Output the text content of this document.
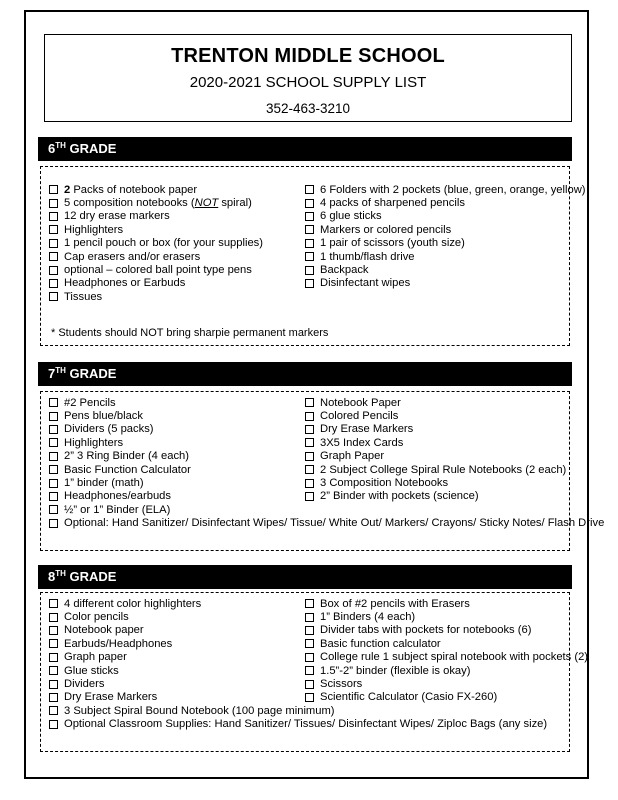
TRENTON MIDDLE SCHOOL
2020-2021 SCHOOL SUPPLY LIST
352-463-3210
6TH GRADE
2
Packs of notebook paper
5 composition notebooks (NOT spiral)
12 dry erase markers
Highlighters
1 pencil pouch or box (for your supplies)
Cap erasers and/or erasers
optional – colored ball point type pens
Headphones or Earbuds
Tissues
6 Folders with 2 pockets (blue, green, orange, yellow)
4 packs of sharpened pencils
6 glue sticks
Markers or colored pencils
1 pair of scissors (youth size)
1 thumb/flash drive
Backpack
Disinfectant wipes
* Students should NOT bring sharpie permanent markers
7TH GRADE
#2 Pencils
Pens blue/black
Dividers (5 packs)
Highlighters
2” 3 Ring Binder (4 each)
Basic Function Calculator
1” binder (math)
Headphones/earbuds
½” or 1” Binder (ELA)
Optional: Hand Sanitizer/ Disinfectant Wipes/ Tissue/ White Out/ Markers/ Crayons/ Sticky Notes/ Flash Drive
Notebook Paper
Colored Pencils
Dry Erase Markers
3X5 Index Cards
Graph Paper
2 Subject College Spiral Rule Notebooks (2 each)
3 Composition Notebooks
2” Binder with pockets (science)
8TH GRADE
4 different color highlighters
Color pencils
Notebook paper
Earbuds/Headphones
Graph paper
Glue sticks
Dividers
Dry Erase Markers
3 Subject Spiral Bound Notebook (100 page minimum)
Optional Classroom Supplies: Hand Sanitizer/ Tissues/ Disinfectant Wipes/ Ziploc Bags (any size)
Box of #2 pencils with Erasers
1” Binders (4 each)
Divider tabs with pockets for notebooks (6)
Basic function calculator
College rule 1 subject spiral notebook with pockets (2)
1.5”-2” binder (flexible is okay)
Scissors
Scientific Calculator (Casio FX-260)
